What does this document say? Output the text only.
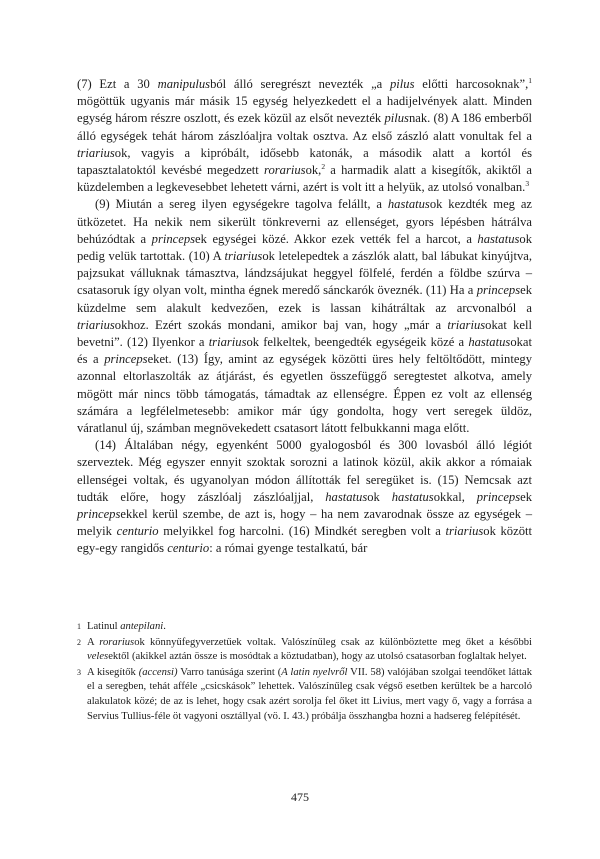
(7) Ezt a 30 manipulusból álló seregrészt nevezték „a pilus előtti harcosoknak”,$^1$ mögöttük ugyanis már másik 15 egység helyezkedett el a hadijelvények alatt. Minden egység három részre oszlott, és ezek közül az elsőt nevezték pilusnak. (8) A 186 emberből álló egységek tehát három zászlóaljra voltak osztva. Az első zászló alatt vonultak fel a triariusok, vagyis a kipróbált, idősebb katonák, a második alatt a kortól és tapasztalatoktól kevésbé megedzett rorariusok,$^2$ a harmadik alatt a kisegítők, akiktől a küzdelemben a legkevesebbet lehetett várni, azért is volt itt a helyük, az utolsó vonalban.$^3$

(9) Miután a sereg ilyen egységekre tagolva felállt, a hastatusok kezdték meg az ütközetet. Ha nekik nem sikerült tönkreverni az ellenséget, gyors lépésben hátrálva behúzódtak a princepsek egységei közé. Akkor ezek vették fel a harcot, a hastatusok pedig velük tartottak. (10) A triariusok letelepedtek a zászlók alatt, bal lábukat kinyújtva, pajzsukat válluknak támasztva, lándzsájukat heggyel fölfelé, ferdén a földbe szúrva – csatasoruk így olyan volt, mintha égnek meredő sánckarók öveznék. (11) Ha a princepsek küzdelme sem alakult kedvezően, ezek is lassan kihátráltak az arcvonalból a triariusokhoz. Ezért szokás mondani, amikor baj van, hogy „már a triariusokat kell bevetni”. (12) Ilyenkor a triariusok felkeltek, beengedték egységeik közé a hastatusokat és a princepseket. (13) Így, amint az egységek közötti üres hely feltöltődött, mintegy azonnal eltorlaszolták az átjárást, és egyetlen összefüggő seregtestet alkotva, amely mögött már nincs több támogatás, támadtak az ellenségre. Éppen ez volt az ellenség számára a legfélelmetesebb: amikor már úgy gondolta, hogy vert seregek üldöz, váratlanul új, számban megnövekedett csatasort látott felbukkanni maga előtt.

(14) Általában négy, egyenként 5000 gyalogosból és 300 lovasból álló légiót szerveztek. Még egyszer ennyit szoktak sorozni a latinok közül, akik akkor a rómaiak ellenségei voltak, és ugyanolyan módon állították fel seregüket is. (15) Nemcsak azt tudták előre, hogy zászlóalj zászlóaljjal, hastatusok hastatusokkal, princepsek princepsekkel kerül szembe, de azt is, hogy – ha nem zavarodnak össze az egységek – melyik centurio melyikkel fog harcolni. (16) Mindkét seregben volt a triariusok között egy-egy rangidős centurio: a római gyenge testalkatú, bár

1 Latinul antepilani.
2 A rorariusok könnyűfegyverzetűek voltak. Valószínűleg csak az különböztette meg őket a későbbi velesektől (akikkel aztán össze is mosódtak a köztudatban), hogy az utolsó csatasorban foglaltak helyet.
3 A kisegítők (accensi) Varro tanúsága szerint (A latin nyelvről VII. 58) valójában szolgai teendőket láttak el a seregben, tehát afféle „csicskások” lehettek. Valószínűleg csak végső esetben kerültek be a harcoló alakulatok közé; de az is lehet, hogy csak azért sorolja fel őket itt Livius, mert vagy ő, vagy a forrása a Servius Tullius-féle öt vagyoni osztállyal (vö. I. 43.) próbálja összhangba hozni a hadsereg felépítését.
475
